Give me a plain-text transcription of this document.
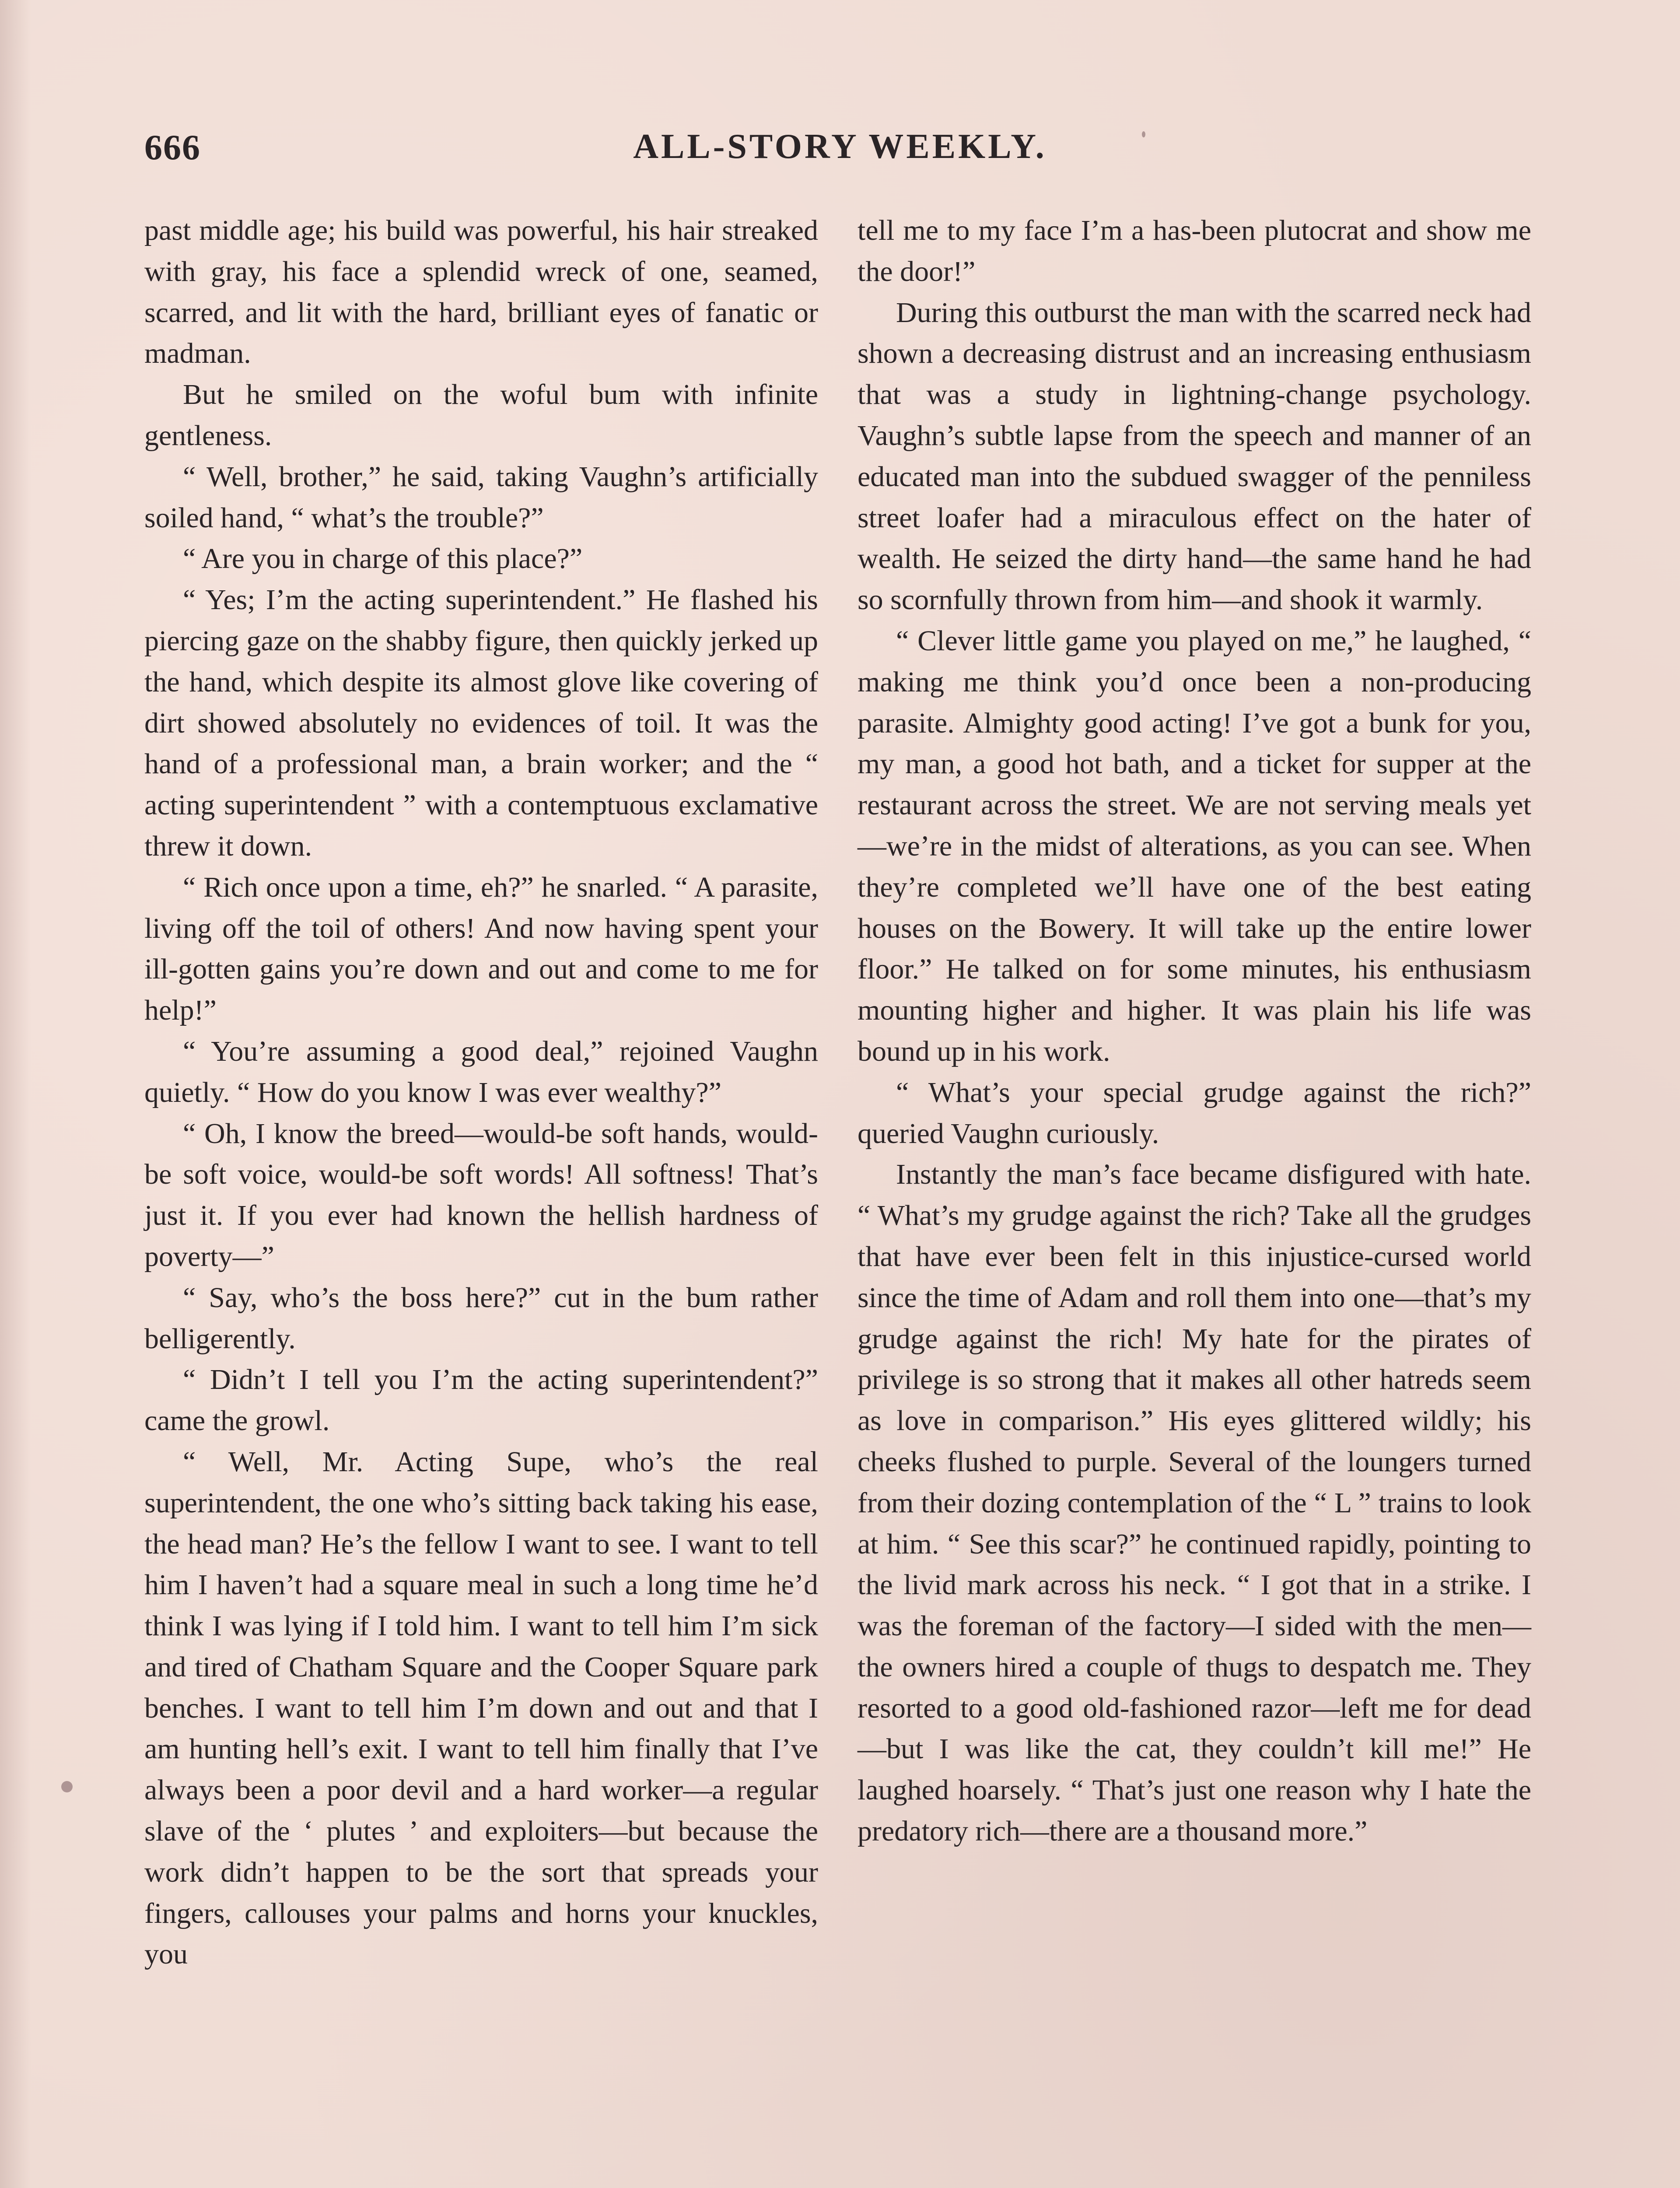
666	ALL-STORY WEEKLY.

past middle age; his build was powerful, his hair streaked with gray, his face a splendid wreck of one, seamed, scarred, and lit with the hard, brilliant eyes of fanatic or madman.

But he smiled on the woful bum with infinite gentleness.

“ Well, brother,” he said, taking Vaughn’s artificially soiled hand, “ what’s the trouble?”

“ Are you in charge of this place?”

“ Yes; I’m the acting superintendent.” He flashed his piercing gaze on the shabby figure, then quickly jerked up the hand, which despite its almost glove like covering of dirt showed absolutely no evidences of toil. It was the hand of a professional man, a brain worker; and the “ acting superintendent ” with a contemptuous exclamative threw it down.

“ Rich once upon a time, eh?” he snarled. “ A parasite, living off the toil of others! And now having spent your ill-gotten gains you’re down and out and come to me for help!”

“ You’re assuming a good deal,” rejoined Vaughn quietly. “ How do you know I was ever wealthy?”

“ Oh, I know the breed—would-be soft hands, would-be soft voice, would-be soft words! All softness! That’s just it. If you ever had known the hellish hardness of poverty—”

“ Say, who’s the boss here?” cut in the bum rather belligerently.

“ Didn’t I tell you I’m the acting superintendent?” came the growl.

“ Well, Mr. Acting Supe, who’s the real superintendent, the one who’s sitting back taking his ease, the head man? He’s the fellow I want to see. I want to tell him I haven’t had a square meal in such a long time he’d think I was lying if I told him. I want to tell him I’m sick and tired of Chatham Square and the Cooper Square park benches. I want to tell him I’m down and out and that I am hunting hell’s exit. I want to tell him finally that I’ve always been a poor devil and a hard worker—a regular slave of the ‘ plutes ’ and exploiters—but because the work didn’t happen to be the sort that spreads your fingers, callouses your palms and horns your knuckles, you

tell me to my face I’m a has-been plutocrat and show me the door!”

During this outburst the man with the scarred neck had shown a decreasing distrust and an increasing enthusiasm that was a study in lightning-change psychology. Vaughn’s subtle lapse from the speech and manner of an educated man into the subdued swagger of the penniless street loafer had a miraculous effect on the hater of wealth. He seized the dirty hand—the same hand he had so scornfully thrown from him—and shook it warmly.

“ Clever little game you played on me,” he laughed, “ making me think you’d once been a non-producing parasite. Almighty good acting! I’ve got a bunk for you, my man, a good hot bath, and a ticket for supper at the restaurant across the street. We are not serving meals yet—we’re in the midst of alterations, as you can see. When they’re completed we’ll have one of the best eating houses on the Bowery. It will take up the entire lower floor.” He talked on for some minutes, his enthusiasm mounting higher and higher. It was plain his life was bound up in his work.

“ What’s your special grudge against the rich?” queried Vaughn curiously.

Instantly the man’s face became disfigured with hate. “ What’s my grudge against the rich? Take all the grudges that have ever been felt in this injustice-cursed world since the time of Adam and roll them into one—that’s my grudge against the rich! My hate for the pirates of privilege is so strong that it makes all other hatreds seem as love in comparison.” His eyes glittered wildly; his cheeks flushed to purple. Several of the loungers turned from their dozing contemplation of the “ L ” trains to look at him. “ See this scar?” he continued rapidly, pointing to the livid mark across his neck. “ I got that in a strike. I was the foreman of the factory—I sided with the men—the owners hired a couple of thugs to despatch me. They resorted to a good old-fashioned razor—left me for dead—but I was like the cat, they couldn’t kill me!” He laughed hoarsely. “ That’s just one reason why I hate the predatory rich—there are a thousand more.”
